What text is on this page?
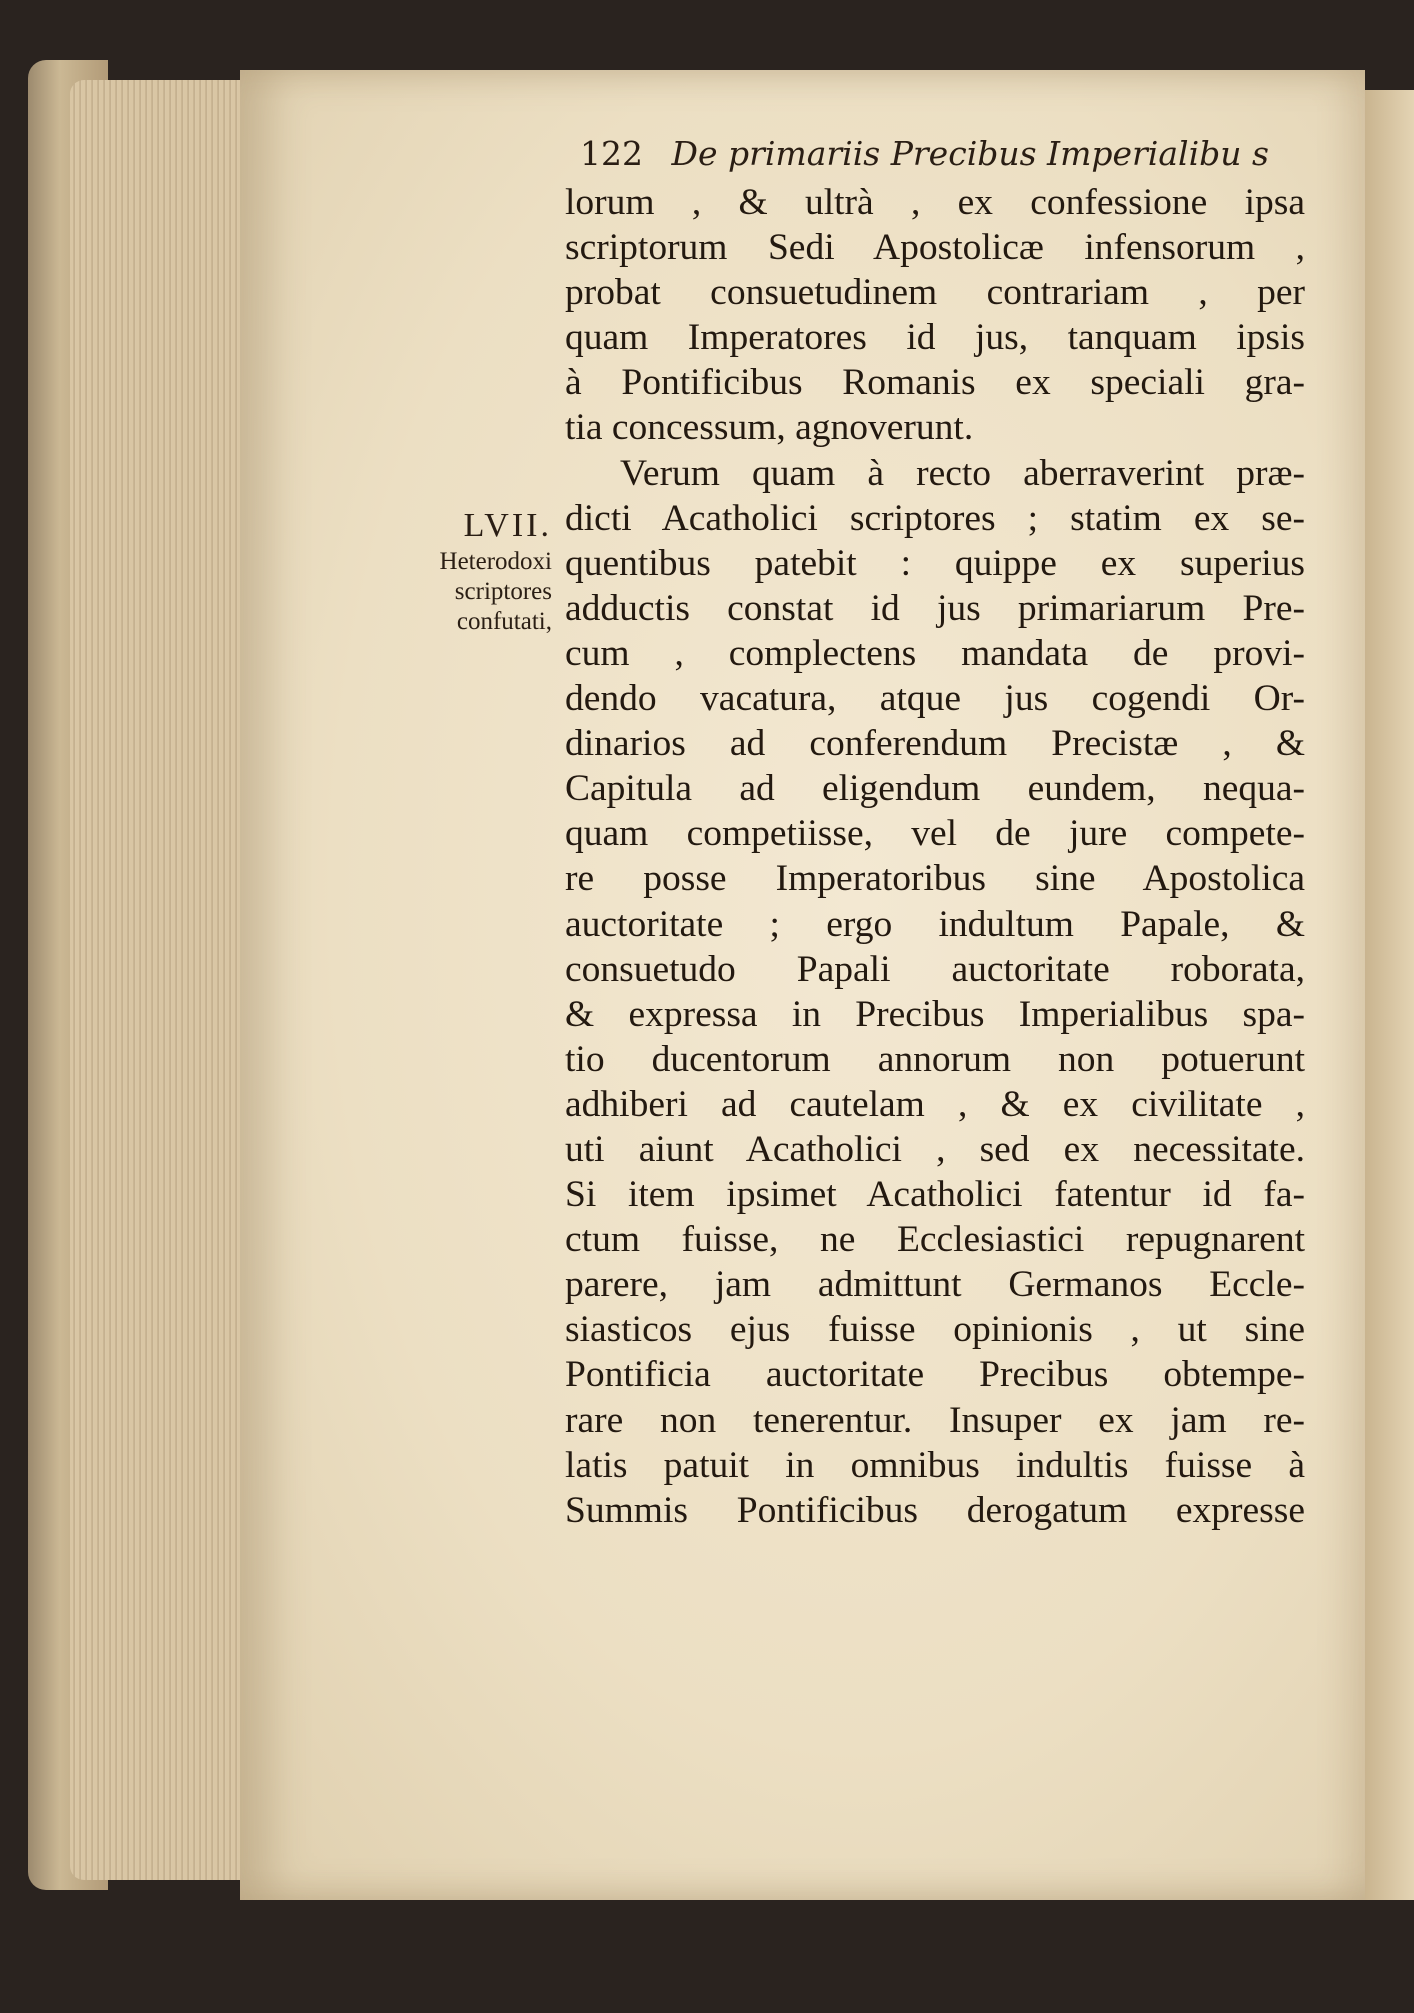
122 De primariis Precibus Imperialibu s
LVII.
Heterodoxi
scriptores
confutati,
lorum , & ultrà , ex confessione ipsa
scriptorum Sedi Apostolicæ infensorum ,
probat consuetudinem contrariam , per
quam Imperatores id jus, tanquam ipsis
à Pontificibus Romanis ex speciali gra-
tia concessum, agnoverunt.
Verum quam à recto aberraverint præ-
dicti Acatholici scriptores ; statim ex se-
quentibus patebit : quippe ex superius
adductis constat id jus primariarum Pre-
cum , complectens mandata de provi-
dendo vacatura, atque jus cogendi Or-
dinarios ad conferendum Precistæ , &
Capitula ad eligendum eundem, nequa-
quam competiisse, vel de jure compete-
re posse Imperatoribus sine Apostolica
auctoritate ; ergo indultum Papale, &
consuetudo Papali auctoritate roborata,
& expressa in Precibus Imperialibus spa-
tio ducentorum annorum non potuerunt
adhiberi ad cautelam , & ex civilitate ,
uti aiunt Acatholici , sed ex necessitate.
Si item ipsimet Acatholici fatentur id fa-
ctum fuisse, ne Ecclesiastici repugnarent
parere, jam admittunt Germanos Eccle-
siasticos ejus fuisse opinionis , ut sine
Pontificia auctoritate Precibus obtempe-
rare non tenerentur. Insuper ex jam re-
latis patuit in omnibus indultis fuisse à
Summis Pontificibus derogatum expresse
